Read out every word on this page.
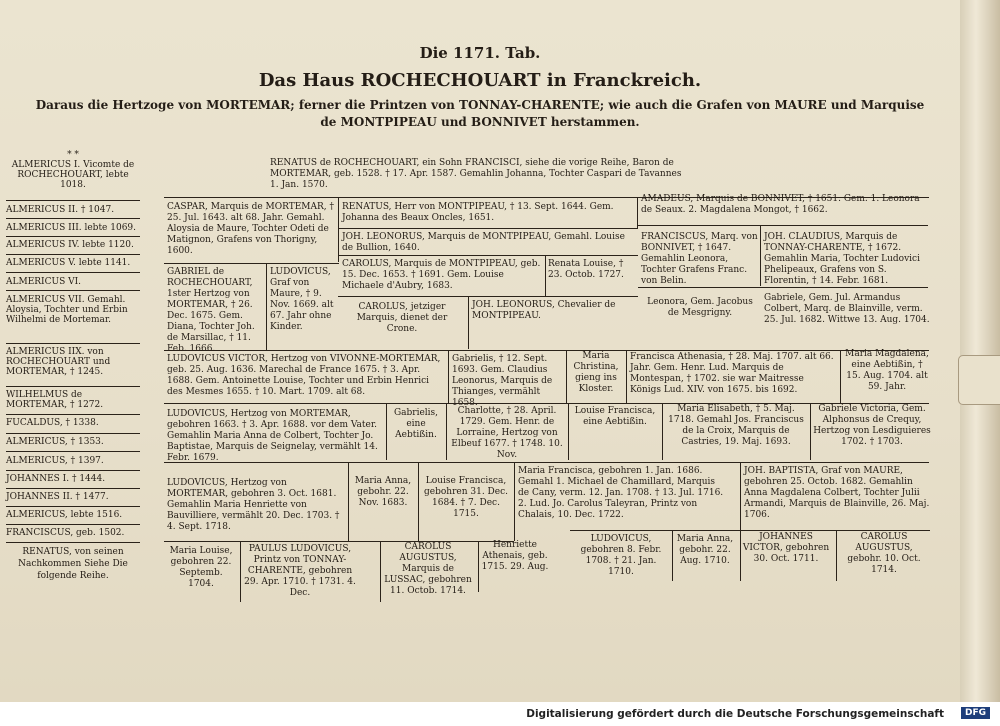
Die 1171. Tab.
Das Haus ROCHECHOUART in Franckreich.
Daraus die Hertzoge von MORTEMAR; ferner die Printzen von TONNAY-CHARENTE; wie auch die Grafen von MAURE und Marquise de MONTPIPEAU und BONNIVET herstammen.
* *
ALMERICUS I. Vicomte de ROCHECHOUART, lebte 1018.
ALMERICUS II. † 1047.
ALMERICUS III. lebte 1069.
ALMERICUS IV. lebte 1120.
ALMERICUS V. lebte 1141.
ALMERICUS VI.
ALMERICUS VII. Gemahl. Aloysia, Tochter und Erbin Wilhelmi de Mortemar.
ALMERICUS IIX. von ROCHECHOUART und MORTEMAR, † 1245.
WILHELMUS de MORTEMAR, † 1272.
FUCALDUS, † 1338.
ALMERICUS, † 1353.
ALMERICUS, † 1397.
JOHANNES I. † 1444.
JOHANNES II. † 1477.
ALMERICUS, lebte 1516.
FRANCISCUS, geb. 1502.
RENATUS, von seinen Nachkommen Siehe Die folgende Reihe.
RENATUS de ROCHECHOUART, ein Sohn FRANCISCI, siehe die vorige Reihe, Baron de MORTEMAR, geb. 1528. † 17. Apr. 1587. Gemahlin Johanna, Tochter Caspari de Tavannes 1. Jan. 1570.
CASPAR, Marquis de MORTEMAR, † 25. Jul. 1643. alt 68. Jahr. Gemahl. Aloysia de Maure, Tochter Odeti de Matignon, Grafens von Thorigny, 1600.
RENATUS, Herr von MONTPIPEAU, † 13. Sept. 1644. Gem. Johanna des Beaux Oncles, 1651.
AMADEUS, Marquis de BONNIVET, † 1651. Gem. 1. Leonora de Seaux. 2. Magdalena Mongot, † 1662.
JOH. LEONORUS, Marquis de MONTPIPEAU, Gemahl. Louise de Bullion, 1640.
FRANCISCUS, Marq. von BONNIVET, † 1647. Gemahlin Leonora, Tochter Grafens Franc. von Belin.
JOH. CLAUDIUS, Marquis de TONNAY-CHARENTE, † 1672. Gemahlin Maria, Tochter Ludovici Phelipeaux, Grafens von S. Florentin, † 14. Febr. 1681.
GABRIEL de ROCHECHOUART, 1ster Hertzog von MORTEMAR, † 26. Dec. 1675. Gem. Diana, Tochter Joh. de Marsillac, † 11. Feb. 1666.
LUDOVICUS, Graf von Maure, † 9. Nov. 1669. alt 67. Jahr ohne Kinder.
CAROLUS, Marquis de MONTPIPEAU, geb. 15. Dec. 1653. † 1691. Gem. Louise Michaele d'Aubry, 1683.
Renata Louise, † 23. Octob. 1727.
CAROLUS, jetziger Marquis, dienet der Crone.
JOH. LEONORUS, Chevalier de MONTPIPEAU.
Leonora, Gem. Jacobus de Mesgrigny.
Gabriele, Gem. Jul. Armandus Colbert, Marq. de Blainville, verm. 25. Jul. 1682. Wittwe 13. Aug. 1704.
LUDOVICUS VICTOR, Hertzog von VIVONNE-MORTEMAR, geb. 25. Aug. 1636. Marechal de France 1675. † 3. Apr. 1688. Gem. Antoinette Louise, Tochter und Erbin Henrici des Mesmes 1655. † 10. Mart. 1709. alt 68.
Gabrielis, † 12. Sept. 1693. Gem. Claudius Leonorus, Marquis de Thianges, vermählt 1658.
Maria Christina, gieng ins Kloster.
Francisca Athenasia, † 28. Maj. 1707. alt 66. Jahr. Gem. Henr. Lud. Marquis de Montespan, † 1702. sie war Maitresse Königs Lud. XIV. von 1675. bis 1692.
Maria Magdalena, eine Aebtißin, † 15. Aug. 1704. alt 59. Jahr.
LUDOVICUS, Hertzog von MORTEMAR, gebohren 1663. † 3. Apr. 1688. vor dem Vater. Gemahlin Maria Anna de Colbert, Tochter Jo. Baptistae, Marquis de Seignelay, vermählt 14. Febr. 1679.
Gabrielis, eine Aebtißin.
Charlotte, † 28. April. 1729. Gem. Henr. de Lorraine, Hertzog von Elbeuf 1677. † 1748. 10. Nov.
Louise Francisca, eine Aebtißin.
Maria Elisabeth, † 5. Maj. 1718. Gemahl Jos. Franciscus de la Croix, Marquis de Castries, 19. Maj. 1693.
Gabriele Victoria, Gem. Alphonsus de Crequy, Hertzog von Lesdiguieres 1702. † 1703.
LUDOVICUS, Hertzog von MORTEMAR, gebohren 3. Oct. 1681. Gemahlin Maria Henriette von Bauvilliere, vermählt 20. Dec. 1703. † 4. Sept. 1718.
Maria Anna, gebohr. 22. Nov. 1683.
Louise Francisca, gebohren 31. Dec. 1684. † 7. Dec. 1715.
Maria Francisca, gebohren 1. Jan. 1686. Gemahl 1. Michael de Chamillard, Marquis de Cany, verm. 12. Jan. 1708. † 13. Jul. 1716. 2. Lud. Jo. Carolus Taleyran, Printz von Chalais, 10. Dec. 1722.
JOH. BAPTISTA, Graf von MAURE, gebohren 25. Octob. 1682. Gemahlin Anna Magdalena Colbert, Tochter Julii Armandi, Marquis de Blainville, 26. Maj. 1706.
Maria Louise, gebohren 22. Septemb. 1704.
PAULUS LUDOVICUS, Printz von TONNAY-CHARENTE, gebohren 29. Apr. 1710. † 1731. 4. Dec.
CAROLUS AUGUSTUS, Marquis de LUSSAC, gebohren 11. Octob. 1714.
Henriette Athenais, geb. 1715. 29. Aug.
LUDOVICUS, gebohren 8. Febr. 1708. † 21. Jan. 1710.
Maria Anna, gebohr. 22. Aug. 1710.
JOHANNES VICTOR, gebohren 30. Oct. 1711.
CAROLUS AUGUSTUS, gebohr. 10. Oct. 1714.
Digitalisierung gefördert durch die Deutsche Forschungsgemeinschaft	DFG
